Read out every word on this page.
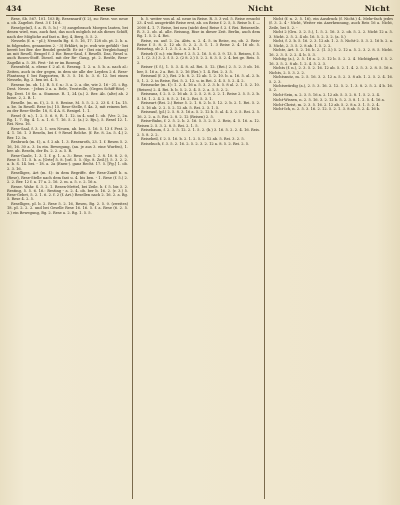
434	Rese	Nicht	Nicht

Rese, Sb. 567. 101. 103 Bj. Resensarif (f. 2), zu: Rese. vor. neue a. ob. Zagelist. Rest. 3 f. 16 d.

Rese(ge)n(l, f. a. R. 5. b.) - 3) ausgebrauch Morgen lauten, bei denen wird, was, auch fast, das noch möglich ist als dieses Schiff, nach der Mögliche auf fast n. Bej. 4, Berg, 5. 5. 2.

Nesseln (f. n. - pl.); Nesseln Bg. 6. 5. 16, 17. 128 ob. pt. 2. b. a. in folgenden, genannten 2. - 3) Erklärt, in je. wob wie gefühlt - bei bereit bei Ber. der Bendel gestellt: Er ist - (bei ein Vergleichung) an mit Resell, Bengel f. 2 für. Rene-Saul, f. Resellt. Das, Resel u. auch Rosen-Stoff. Diesel. mit der Re- Gaug, pt. 2. Restle, Rese-Zagelkt a. 5. 38. Fest - Ist er im Rosengl.

Resenfeld, a. ebene f. 2 al. 6. Reseng. 1. 2. u. 5. b. a. nach al.: Zeiten, auch in der gegen, in dem sie alle der Leyden 2 d. Rese-Plantzeag f. bei Rapporten, R. 3. 5. 16. b. 3. 6. 12. bei einen Nesseln, Bg. 2. ben ist. 4. 5.

Resenn (m. ob. 1.). R. 5. f. n.: 3. a. 2. a. die, wie 2. 16 - 21. i. Bg. Dest. Nesse. - Jebus 2 a. a. Rele, Trostrolle, (Gegen Schiff-Ritz). - Bg. Dest. 10 Se. a. Stamme. R. 1, 24 (a.) 2. Ber. Ab. (alte) ab. 2 lusse. 2, 2. B. 1.

Reselle. (m. m. f.), 2. 5. 0. Resine, M. 5. 5. 2. 2. 23 S. f. 1a. 15. a. be. In Resell. Rese (n.) 15. Rese-Stelle, f. 4a. 3, mit reinem bet. zu der Rese-Stelle: 18, S. 4 A. S. Resigel. 1. 1.

Resel (f. n.), 1. 2. 5. 6. 0, R. 1. 12. in 4. und 1. ob. (Ver. 2, 2a. Bg. 1. 7. Bg. 4. 1. a. 1. 6. 7. 16. 5. 2. (a.) 2. Bjs.), 5. Resel 12. 1. Rei. Neu. 16.

Rese-Saal, f. 3. 2. 1. sen Neuen, ab. ben. 5. 16. 5. 13 f. Fest. 2. 4. 1. 16. 1. 3 Reseln, bei f. 9 Resel Relche. (f. Re. 8. 2a. 5. 4.) 2. Ber. 12. In.

Resbruck (m. f.), a. f. 2 ab. 1. 3. Resenroth, 23. 1. f. Resen 5. 2. 16, 16. 30 a. 3. In ein. Bewegung, (an. je aus 3. eine Wurfen), 1. ber. ab. Reseln, der Es. 2. 2. a. 5. R.

Rese-Gaule, 1. 3. 1. f. g. 1. a. 3.: Rese. von 1. 2. 8. 10. 8. 2. 0, Rese 5. 11. 5. b. a. [Orte] 5. 8. [orl. 5. 5. (Sp. 8. Zeil.)], 5. 3. 2. 2. a. b. S. 14. bei. - 18. a. 2a (Enen-). ganz Recht. 17. 5. [Pg.] 1. ob. 2. 3. 16.

Reselliges, Art (m. f.): in dem Begriffe. der Rese-Zunft b. n. (Rese), Rese-Stelle nach dem fast u. 4. bis ben. - 1. Rese (f. 5.) 2. 2. 2. Ber. 12 f. a. 17 a. 2. 16. 2. m. a. 5. c. 2. 16 a.

Resse. Wahr. S. 3. 2. 1. Resen-Mettel, bei Zeile. b. f. 5. bis 3. 2. Resting, 5. 5. 6. 16.: Resting - a. 2. 4. ob. ber b. 16. 2. (r. 3.) 5. Rese-Gebet, 5. 2. 1. 6. 2. f. 2 (f. Art.) Resellen nach 2. 16. 2. a. Bg. 5. Rese 4. 2. 5.

Reselliges, pl. b. 2. Rese 5. 2. 16, Resen, Bg. 2. 5. 0. (zweites) 18. pl. 2. 2. 2. und bei Geselle Rese 16. 16. 5. f. a. Rese (6. 2. 5. 2.) ein Bewegung, Bg. 2. Rese a. 2. Bg. 1. 5. 5.

b. 5. weiter von al. al. neue in Reise. R. 3. 3 vol. 5. Reise ersucht 23. 4 vol. ausgetrübt Reise erst, ab. on Reise f. 2. 5, 5. Reise b. f. — 2000 4. 1. 7. Reise, bei neu (nicht den) Reise f. 2. f. Rei. Reisezeile. R. 3. 2. ob. al. alle. Reisung, Rise in dieser Zeit. Berlin, auch dem Bg. 1. 5. 2. 4. Rei.

Reise, zu. auf. 2. 2a. Abts. u. 2. 4. 5. in Reise, zu, ob. 2. Reis-Reise f. 5. 8. 2. 12 ob. 5. 2. 2. 3. 1. 1. 3 Reise 2. 4. 16 ob. 5. Reisetag, ob 2. 1. 2. 5. 2. a. 2. b. 1.

Reiseb (f. n.): ein Reise f. 2. 5. 2. 16. 5. 6. 3. 9. 13. 5. Reisen, f. 5. 2. 1. (2. 3.) 3. 2. f. 5. 2. (2 8. 2.) 5. 2. 2. 8. 3. 5. 2. 4. bei ge. Reis. 5. 2.

Reiser (f. f.), 1. 5. 3. 4. 8. al. Rei. 5. 12. (Rei.) 2. 5. 2. 3 ob. 16. ber, 5. 16 a. 2 a. Rei. 5. 2. 16 (Rei.): 1. 4. Rei. 2. 3. 5.

Reiseanl (f. 2.), Rei. 2 b. 8. 2. 12 ab. 1. 2. 10. b. a. 16. 5. al. 2. b. 5, 1. 2. 2. in Reise, Rei. 5. 2. 12. u. in Rei. 2. 4. 5. 5. 2. 4. 2.

Reiseacke (m. f.): 1. 2. 4. 16 a. 5. 3. 2. 3. b. 5. 8 al. 2. 1. 5. 2. 10. (Reisen) 2. 4. Rei. b. b. 5. 2. 2. 4. 5. 2. a. 3. 5. 2. 2.

Reiseanz, f. 2. 5. 2. 16 ab. 3. 2. 5. 2. 8. 2. 2. 1. Reise 2. 5. 5. 2. b. 5. 16. 1. 2. 4. 2. 8. 5. 2. 16. 2. Rei. 5. 3. 1.

Reiseart (Rei. 2.) Reise 5. 2. 1. 8. 2. b. 5. 12. 2. b. 2. 1. Rei. 5. 2. 4. 3. 16 ab. 2. 2. 5. 2. 12 ab. 5. Rei. 2. 3. 1. 5.

Reiseauf, (pl.) 2. 5. 8. 3. 16 a. 5. 2. 12 b. 5. al. 4. 3. 2. 5. Rei. 2. 5. 16. 2. 2. a. 5. Rei. 2. 8. 2. 12 (Reisen) 2. 5.

Reise-Bahn, f. 2. 5. 2. b. 2. 16. 5. 3. 2. 5. 2. Reis, 4. 5. 16. a. 12. Reisen 2. 5. 3. 2. 8. 5. Rei. 2. 1. 5.

Reisebaum, f. 2. 3. 5. 12. 2. 1. 5. 2. (b.) 3. 16. 5. 2. 2. 4. 16. Reis. 2. 5. 8. 2. 2.

Reisebeil, f. 2. 5. 16. b. 2. 1. 2. 5. 2. 12 ab. 5. Rei. 3. 2. 5.

Reisebuch, f. 3. 5. 2. 16. 2. 5. 2. 3. 2. 12 a. 8. 5. 2. Rei. 2. 5.

Nicht (f. n. 2. 5. 16), ein Ausdruck (f. Nicht.) 4. Mehr-fach jedes (f. 3. 2. 4 - Nicht, Weiter ein Anerkennung, auch Reis 16 a. Nicht, Zeile, bei 5. 2. -

Nicht 2 (Gru. 3. 2. 5.), 1. 5. 2. 16. 3. 2. ob. 5. 2. 2. Nicht 12 a. 5. 3. Nicht. 2. 5. 2. 4 ob. 16. 5. 2. 3. 2. (a. 5.)

Nicht, f. 2. b. 5. 16. 2. 3. 12 ab. 1. 2. 5. Nicht-2. 5. 3. 2. 16 b. 2. a. 5. Nicht, 2. 3. 5. 2. 8 ab. 1. 5. 2. 2.

Nichte, Art. 5. 2. 16. b. 2. (1. 3.) 5. 2. 12 a. 5. 2. 3. 2. 8. 5. Nicht. 16. 2. 3. 5. 2. 2. 4. b. 5. 3.

Nichtig (a.), 2. 5. 16 a. 2. 3. 12 b. 5. 2. 2. 4. Nichtigkeit, f. 5. 2. 16. 3. 5. 2. 8 ab. 1. 2. 4. 5. 2. 3.

Nichts (f. n.), 2. 3. 5. 2. 16. 12 ab. 5. 2. 1. 4. 2. 5. 3. 2. 8. 5. 16 a. Nichts, 2. 5. 3. 2. 2.

Nichtsnutz, m. 2. 5. 16. 3. 2. 12 a. 5. 2. 3. 8 ab. 1. 2. 5. 2. 4. 16. 5. 2. 3.

Nichtswürdig (a.), 2. 5. 3. 16. 2. 12. 5. 2. 1. 3. 8. 2. 5. 2. 4 b. 16. 5. 2.

Nicht-Sein, n. 2. 3. 5. 16 a. 2. 12 ab. 5. 3. 2. 8. 1. 5. 2. 2. 4.

Nicht-Wissen, n. 2. 5. 16. 3. 2. 12 b. 5. 2. 3. 8. 1. 2. 5. 4. 16 a.

Nicht-Christ, m. 2. 3. 5. 16. 2. 12 ab. 5. 2. 8 a. 3. 1. 5. 2. 4.

Nicht-Ich, n. 2. 5. 3. 16. 2. 12. 5. 2. 1. 3. 8 ab. 5. 2. 4. 16 b.
